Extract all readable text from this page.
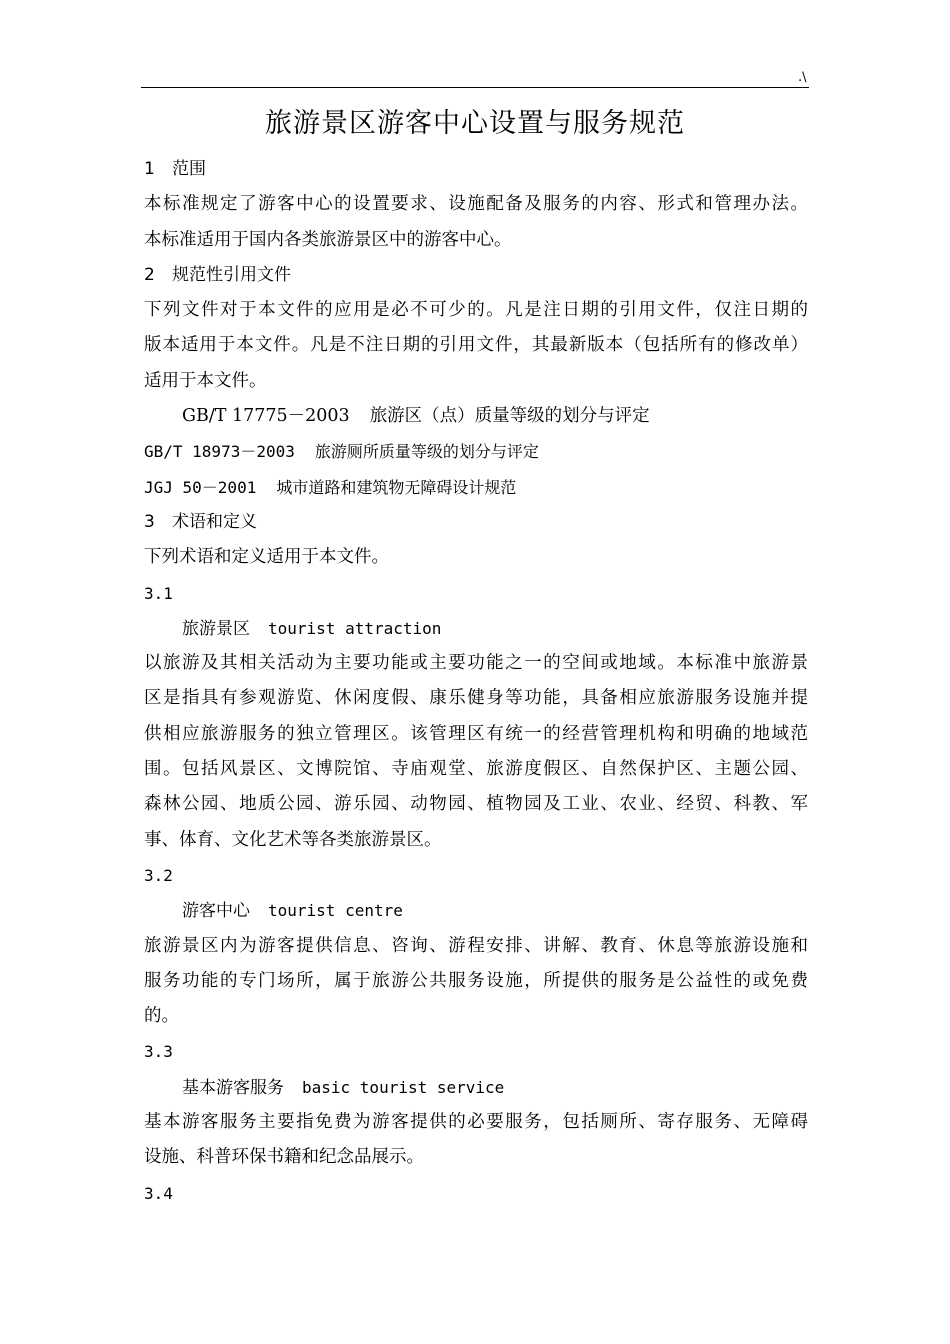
.\
旅游景区游客中心设置与服务规范
1 范围
本标准规定了游客中心的设置要求、设施配备及服务的内容、形式和管理办法。
本标准适用于国内各类旅游景区中的游客中心。
2 规范性引用文件
下列文件对于本文件的应用是必不可少的。凡是注日期的引用文件，仅注日期的
版本适用于本文件。凡是不注日期的引用文件，其最新版本（包括所有的修改单）
适用于本文件。
GB/T 17775－2003 旅游区（点）质量等级的划分与评定
GB/T 18973－2003 旅游厕所质量等级的划分与评定
JGJ 50－2001 城市道路和建筑物无障碍设计规范
3 术语和定义
下列术语和定义适用于本文件。
3.1
旅游景区 tourist attraction
以旅游及其相关活动为主要功能或主要功能之一的空间或地域。本标准中旅游景
区是指具有参观游览、休闲度假、康乐健身等功能，具备相应旅游服务设施并提
供相应旅游服务的独立管理区。该管理区有统一的经营管理机构和明确的地域范
围。包括风景区、文博院馆、寺庙观堂、旅游度假区、自然保护区、主题公园、
森林公园、地质公园、游乐园、动物园、植物园及工业、农业、经贸、科教、军
事、体育、文化艺术等各类旅游景区。
3.2
游客中心 tourist centre
旅游景区内为游客提供信息、咨询、游程安排、讲解、教育、休息等旅游设施和
服务功能的专门场所，属于旅游公共服务设施，所提供的服务是公益性的或免费
的。
3.3
基本游客服务 basic tourist service
基本游客服务主要指免费为游客提供的必要服务，包括厕所、寄存服务、无障碍
设施、科普环保书籍和纪念品展示。
3.4
